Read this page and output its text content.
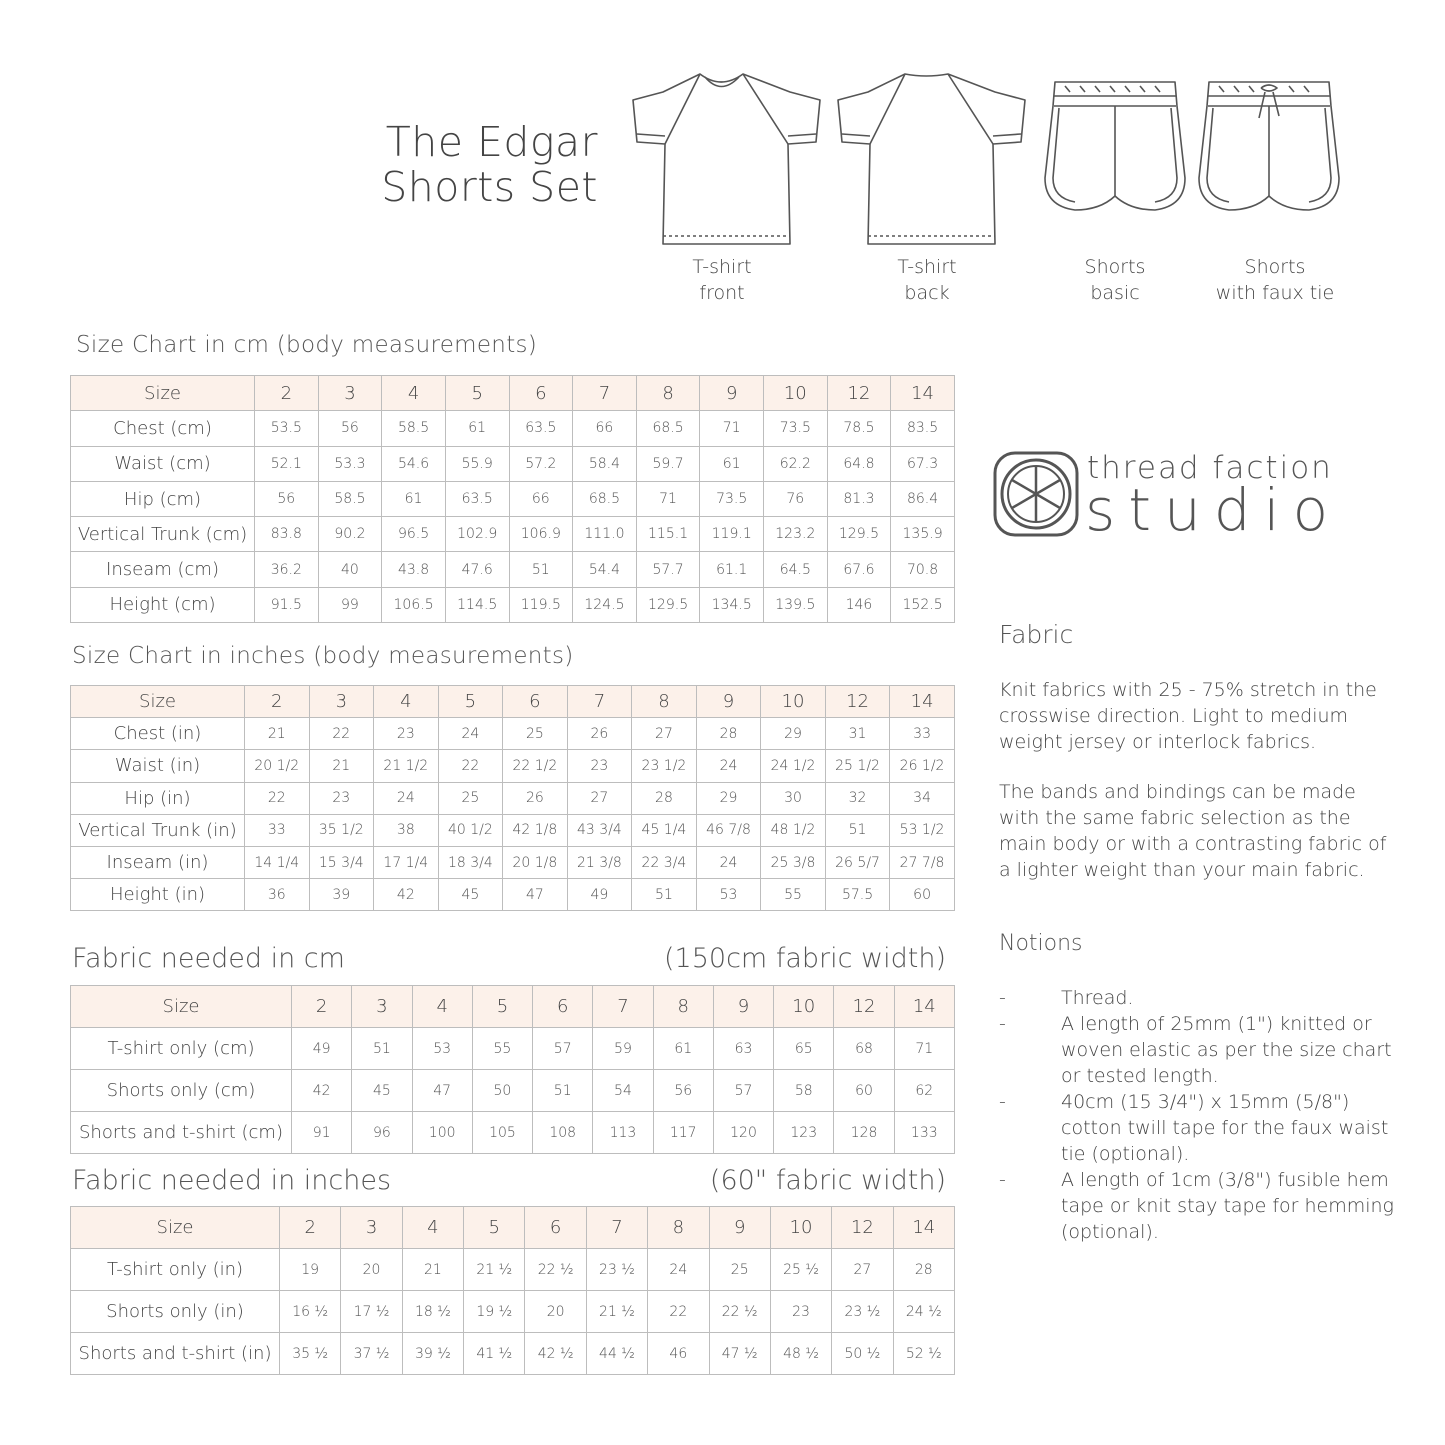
The Edgar
Shorts Set
T-shirt
front
T-shirt
back
Shorts
basic
Shorts
with faux tie
Size Chart in cm (body measurements)
Size Chart in inches (body measurements)
Fabric needed in cm	(150cm fabric width)
Fabric needed in inches	(60" fabric width)
Size	2	3	4	5	6	7	8	9	10	12	14
Chest (cm)	53.5	56	58.5	61	63.5	66	68.5	71	73.5	78.5	83.5
Waist (cm)	52.1	53.3	54.6	55.9	57.2	58.4	59.7	61	62.2	64.8	67.3
Hip (cm)	56	58.5	61	63.5	66	68.5	71	73.5	76	81.3	86.4
Vertical Trunk (cm)	83.8	90.2	96.5	102.9	106.9	111.0	115.1	119.1	123.2	129.5	135.9
Inseam (cm)	36.2	40	43.8	47.6	51	54.4	57.7	61.1	64.5	67.6	70.8
Height (cm)	91.5	99	106.5	114.5	119.5	124.5	129.5	134.5	139.5	146	152.5
Size	2	3	4	5	6	7	8	9	10	12	14
Chest (in)	21	22	23	24	25	26	27	28	29	31	33
Waist (in)	20 1/2	21	21 1/2	22	22 1/2	23	23 1/2	24	24 1/2	25 1/2	26 1/2
Hip (in)	22	23	24	25	26	27	28	29	30	32	34
Vertical Trunk (in)	33	35 1/2	38	40 1/2	42 1/8	43 3/4	45 1/4	46 7/8	48 1/2	51	53 1/2
Inseam (in)	14 1/4	15 3/4	17 1/4	18 3/4	20 1/8	21 3/8	22 3/4	24	25 3/8	26 5/7	27 7/8
Height (in)	36	39	42	45	47	49	51	53	55	57.5	60
Size	2	3	4	5	6	7	8	9	10	12	14
T-shirt only (cm)	49	51	53	55	57	59	61	63	65	68	71
Shorts only (cm)	42	45	47	50	51	54	56	57	58	60	62
Shorts and t-shirt (cm)	91	96	100	105	108	113	117	120	123	128	133
Size	2	3	4	5	6	7	8	9	10	12	14
T-shirt only (in)	19	20	21	21 ½	22 ½	23 ½	24	25	25 ½	27	28
Shorts only (in)	16 ½	17 ½	18 ½	19 ½	20	21 ½	22	22 ½	23	23 ½	24 ½
Shorts and t-shirt (in)	35 ½	37 ½	39 ½	41 ½	42 ½	44 ½	46	47 ½	48 ½	50 ½	52 ½
thread faction
studio
Fabric
Knit fabrics with 25 - 75% stretch in the
crosswise direction. Light to medium
weight jersey or interlock fabrics.
The bands and bindings can be made
with the same fabric selection as the
main body or with a contrasting fabric of
a lighter weight than your main fabric.
Notions
-	Thread.
-	A length of 25mm (1") knitted or
woven elastic as per the size chart
or tested length.
-	40cm (15 3/4") x 15mm (5/8")
cotton twill tape for the faux waist
tie (optional).
-	A length of 1cm (3/8") fusible hem
tape or knit stay tape for hemming
(optional).
